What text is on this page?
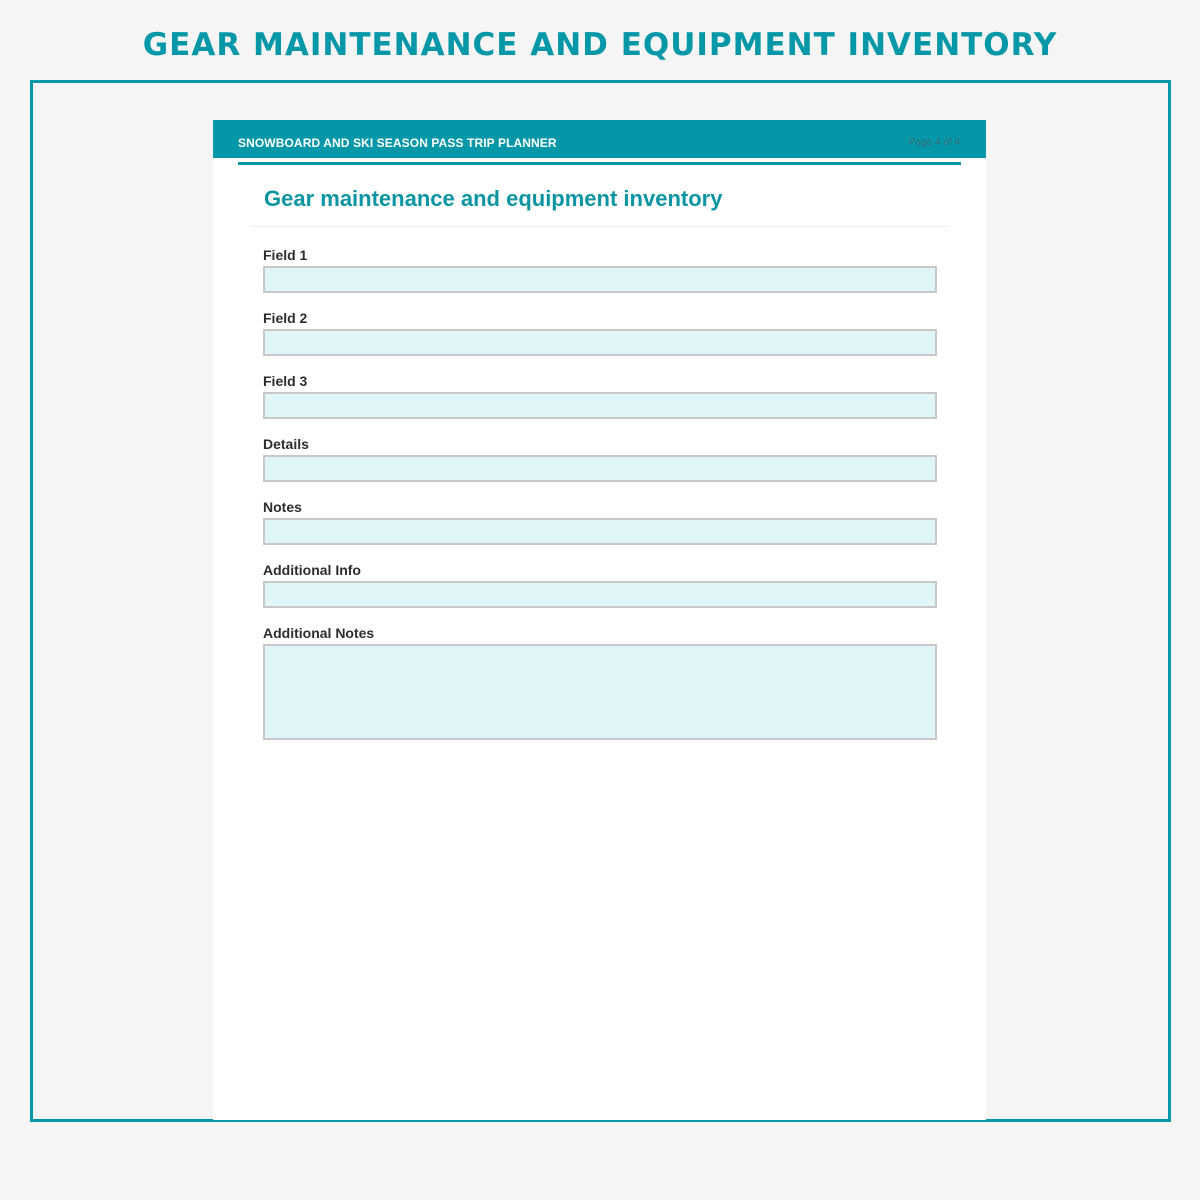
GEAR MAINTENANCE AND EQUIPMENT INVENTORY
SNOWBOARD AND SKI SEASON PASS TRIP PLANNER	Page 4 of 4
Gear maintenance and equipment inventory
Field 1
Field 2
Field 3
Details
Notes
Additional Info
Additional Notes
